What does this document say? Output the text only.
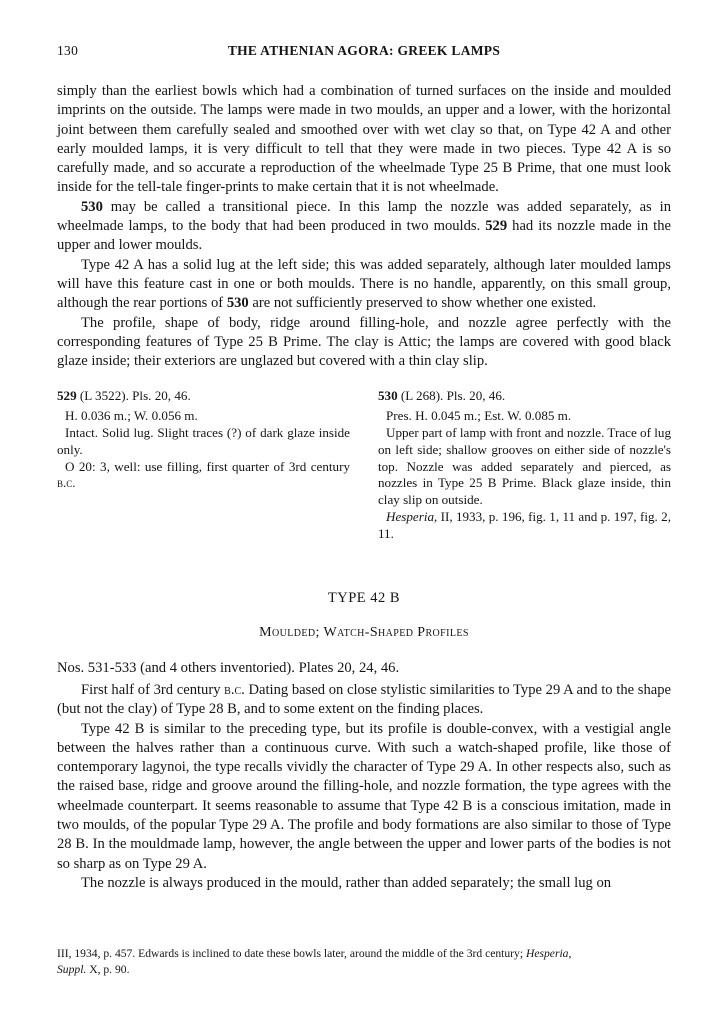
130	THE ATHENIAN AGORA: GREEK LAMPS

simply than the earliest bowls which had a combination of turned surfaces on the inside and moulded imprints on the outside. The lamps were made in two moulds, an upper and a lower, with the horizontal joint between them carefully sealed and smoothed over with wet clay so that, on Type 42 A and other early moulded lamps, it is very difficult to tell that they were made in two pieces. Type 42 A is so carefully made, and so accurate a reproduction of the wheelmade Type 25 B Prime, that one must look inside for the tell-tale finger-prints to make certain that it is not wheelmade.

530 may be called a transitional piece. In this lamp the nozzle was added separately, as in wheelmade lamps, to the body that had been produced in two moulds. 529 had its nozzle made in the upper and lower moulds.

Type 42 A has a solid lug at the left side; this was added separately, although later moulded lamps will have this feature cast in one or both moulds. There is no handle, apparently, on this small group, although the rear portions of 530 are not sufficiently preserved to show whether one existed.

The profile, shape of body, ridge around filling-hole, and nozzle agree perfectly with the corresponding features of Type 25 B Prime. The clay is Attic; the lamps are covered with good black glaze inside; their exteriors are unglazed but covered with a thin clay slip.

529 (L 3522). Pls. 20, 46.

H. 0.036 m.; W. 0.056 m.

Intact. Solid lug. Slight traces (?) of dark glaze inside only.

O 20: 3, well: use filling, first quarter of 3rd century b.c.

530 (L 268). Pls. 20, 46.

Pres. H. 0.045 m.; Est. W. 0.085 m.

Upper part of lamp with front and nozzle. Trace of lug on left side; shallow grooves on either side of nozzle's top. Nozzle was added separately and pierced, as nozzles in Type 25 B Prime. Black glaze inside, thin clay slip on outside.

Hesperia, II, 1933, p. 196, fig. 1, 11 and p. 197, fig. 2, 11.

TYPE 42 B
Moulded; Watch-Shaped Profiles

Nos. 531-533 (and 4 others inventoried). Plates 20, 24, 46.

First half of 3rd century b.c. Dating based on close stylistic similarities to Type 29 A and to the shape (but not the clay) of Type 28 B, and to some extent on the finding places.

Type 42 B is similar to the preceding type, but its profile is double-convex, with a vestigial angle between the halves rather than a continuous curve. With such a watch-shaped profile, like those of contemporary lagynoi, the type recalls vividly the character of Type 29 A. In other respects also, such as the raised base, ridge and groove around the filling-hole, and nozzle formation, the type agrees with the wheelmade counterpart. It seems reasonable to assume that Type 42 B is a conscious imitation, made in two moulds, of the popular Type 29 A. The profile and body formations are also similar to those of Type 28 B. In the mouldmade lamp, however, the angle between the upper and lower parts of the bodies is not so sharp as on Type 29 A.

The nozzle is always produced in the mould, rather than added separately; the small lug on

III, 1934, p. 457. Edwards is inclined to date these bowls later, around the middle of the 3rd century; Hesperia,
Suppl. X, p. 90.
